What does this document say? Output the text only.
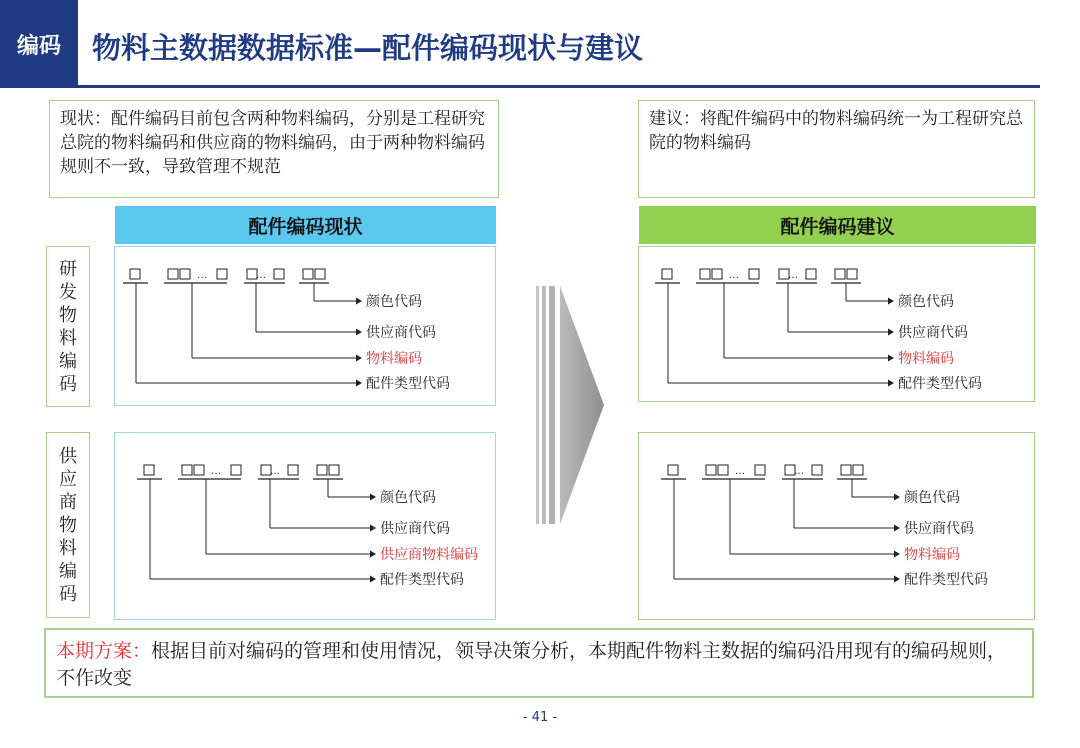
编码	物料主数据数据标准—配件编码现状与建议
现状：配件编码目前包含两种物料编码，分别是工程研究总院的物料编码和供应商的物料编码，由于两种物料编码规则不一致，导致管理不规范
建议：将配件编码中的物料编码统一为工程研究总院的物料编码
配件编码现状	配件编码建议
研
发
物
料
编
码
供
应
商
物
料
编
码
…	…
颜色代码
供应商代码
物料编码
配件类型代码
…	…
颜色代码
供应商代码
供应商物料编码
配件类型代码
…	…
颜色代码
供应商代码
物料编码
配件类型代码
…	…
颜色代码
供应商代码
物料编码
配件类型代码
本期方案：根据目前对编码的管理和使用情况，领导决策分析，本期配件物料主数据的编码沿用现有的编码规则，不作改变
- 41 -
